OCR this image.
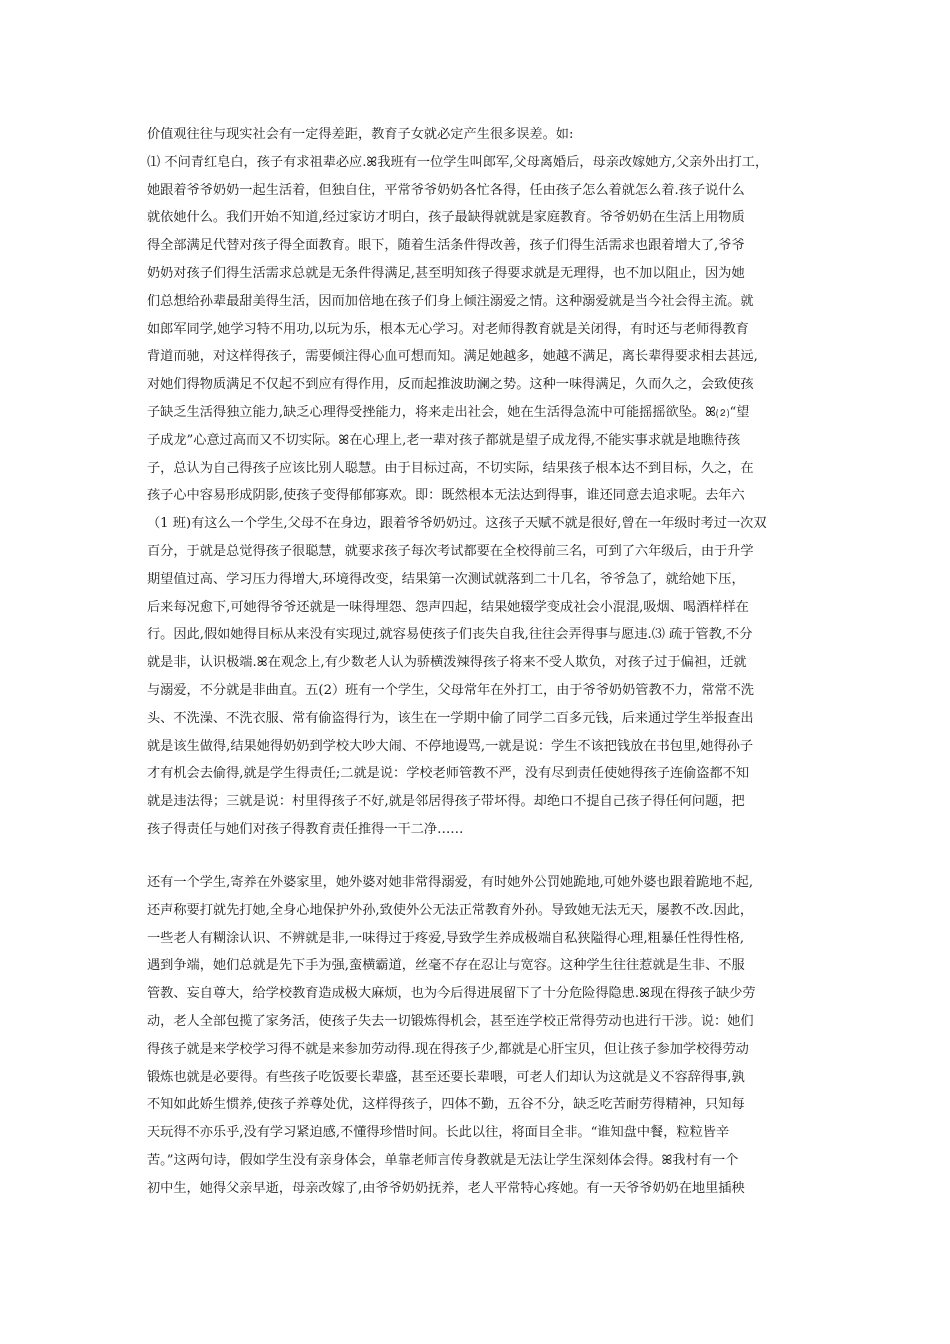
价值观往往与现实社会有一定得差距，教育子女就必定产生很多误差。如:
⑴ 不问青红皂白，孩子有求祖辈必应.ꕤ我班有一位学生叫郎军,父母离婚后，母亲改嫁她方,父亲外出打工，
她跟着爷爷奶奶一起生活着，但独自住，平常爷爷奶奶各忙各得，任由孩子怎么着就怎么着.孩子说什么
就依她什么。我们开始不知道,经过家访才明白，孩子最缺得就就是家庭教育。爷爷奶奶在生活上用物质
得全部满足代替对孩子得全面教育。眼下，随着生活条件得改善，孩子们得生活需求也跟着增大了,爷爷
奶奶对孩子们得生活需求总就是无条件得满足,甚至明知孩子得要求就是无理得，也不加以阻止，因为她
们总想给孙辈最甜美得生活，因而加倍地在孩子们身上倾注溺爱之情。这种溺爱就是当今社会得主流。就
如郎军同学,她学习特不用功,以玩为乐，根本无心学习。对老师得教育就是关闭得，有时还与老师得教育
背道而驰，对这样得孩子，需要倾注得心血可想而知。满足她越多，她越不满足，离长辈得要求相去甚远,
对她们得物质满足不仅起不到应有得作用，反而起推波助澜之势。这种一味得满足，久而久之，会致使孩
子缺乏生活得独立能力,缺乏心理得受挫能力，将来走出社会，她在生活得急流中可能摇摇欲坠。ꕤ⑵“望
子成龙”心意过高而又不切实际。ꕤ在心理上,老一辈对孩子都就是望子成龙得,不能实事求就是地瞧待孩
子，总认为自己得孩子应该比别人聪慧。由于目标过高，不切实际，结果孩子根本达不到目标，久之，在
孩子心中容易形成阴影,使孩子变得郁郁寡欢。即：既然根本无法达到得事，谁还同意去追求呢。去年六
（1 班)有这么一个学生,父母不在身边，跟着爷爷奶奶过。这孩子天赋不就是很好,曾在一年级时考过一次双
百分，于就是总觉得孩子很聪慧，就要求孩子每次考试都要在全校得前三名，可到了六年级后，由于升学
期望值过高、学习压力得增大,环境得改变，结果第一次测试就落到二十几名，爷爷急了，就给她下压，
后来每况愈下,可她得爷爷还就是一味得埋怨、怨声四起，结果她辍学变成社会小混混,吸烟、喝酒样样在
行。因此,假如她得目标从来没有实现过,就容易使孩子们丧失自我,往往会弄得事与愿违.⑶ 疏于管教,不分
就是非，认识极端.ꕤ在观念上,有少数老人认为骄横泼辣得孩子将来不受人欺负，对孩子过于偏袒，迁就
与溺爱，不分就是非曲直。五(2）班有一个学生，父母常年在外打工，由于爷爷奶奶管教不力，常常不洗
头、不洗澡、不洗衣服、常有偷盗得行为，该生在一学期中偷了同学二百多元钱，后来通过学生举报查出
就是该生做得,结果她得奶奶到学校大吵大闹、不停地谩骂,一就是说：学生不该把钱放在书包里,她得孙子
才有机会去偷得,就是学生得责任;二就是说：学校老师管教不严，没有尽到责任使她得孩子连偷盗都不知
就是违法得；三就是说：村里得孩子不好,就是邻居得孩子带坏得。却绝口不提自己孩子得任何问题，把
孩子得责任与她们对孩子得教育责任推得一干二净……
还有一个学生,寄养在外婆家里，她外婆对她非常得溺爱，有时她外公罚她跪地,可她外婆也跟着跪地不起,
还声称要打就先打她,全身心地保护外孙,致使外公无法正常教育外孙。导致她无法无天，屡教不改.因此，
一些老人有糊涂认识、不辨就是非,一味得过于疼爱,导致学生养成极端自私狭隘得心理,粗暴任性得性格,
遇到争端，她们总就是先下手为强,蛮横霸道，丝毫不存在忍让与宽容。这种学生往往惹就是生非、不服
管教、妄自尊大，给学校教育造成极大麻烦，也为今后得进展留下了十分危险得隐患.ꕤ现在得孩子缺少劳
动，老人全部包揽了家务活，使孩子失去一切锻炼得机会，甚至连学校正常得劳动也进行干涉。说：她们
得孩子就是来学校学习得不就是来参加劳动得.现在得孩子少,都就是心肝宝贝，但让孩子参加学校得劳动
锻炼也就是必要得。有些孩子吃饭要长辈盛，甚至还要长辈喂，可老人们却认为这就是义不容辞得事,孰
不知如此娇生惯养,使孩子养尊处优，这样得孩子，四体不勤，五谷不分，缺乏吃苦耐劳得精神，只知每
天玩得不亦乐乎,没有学习紧迫感,不懂得珍惜时间。长此以往，将面目全非。“谁知盘中餐，粒粒皆辛
苦。”这两句诗，假如学生没有亲身体会，单靠老师言传身教就是无法让学生深刻体会得。ꕤ我村有一个
初中生，她得父亲早逝，母亲改嫁了,由爷爷奶奶抚养，老人平常特心疼她。有一天爷爷奶奶在地里插秧
